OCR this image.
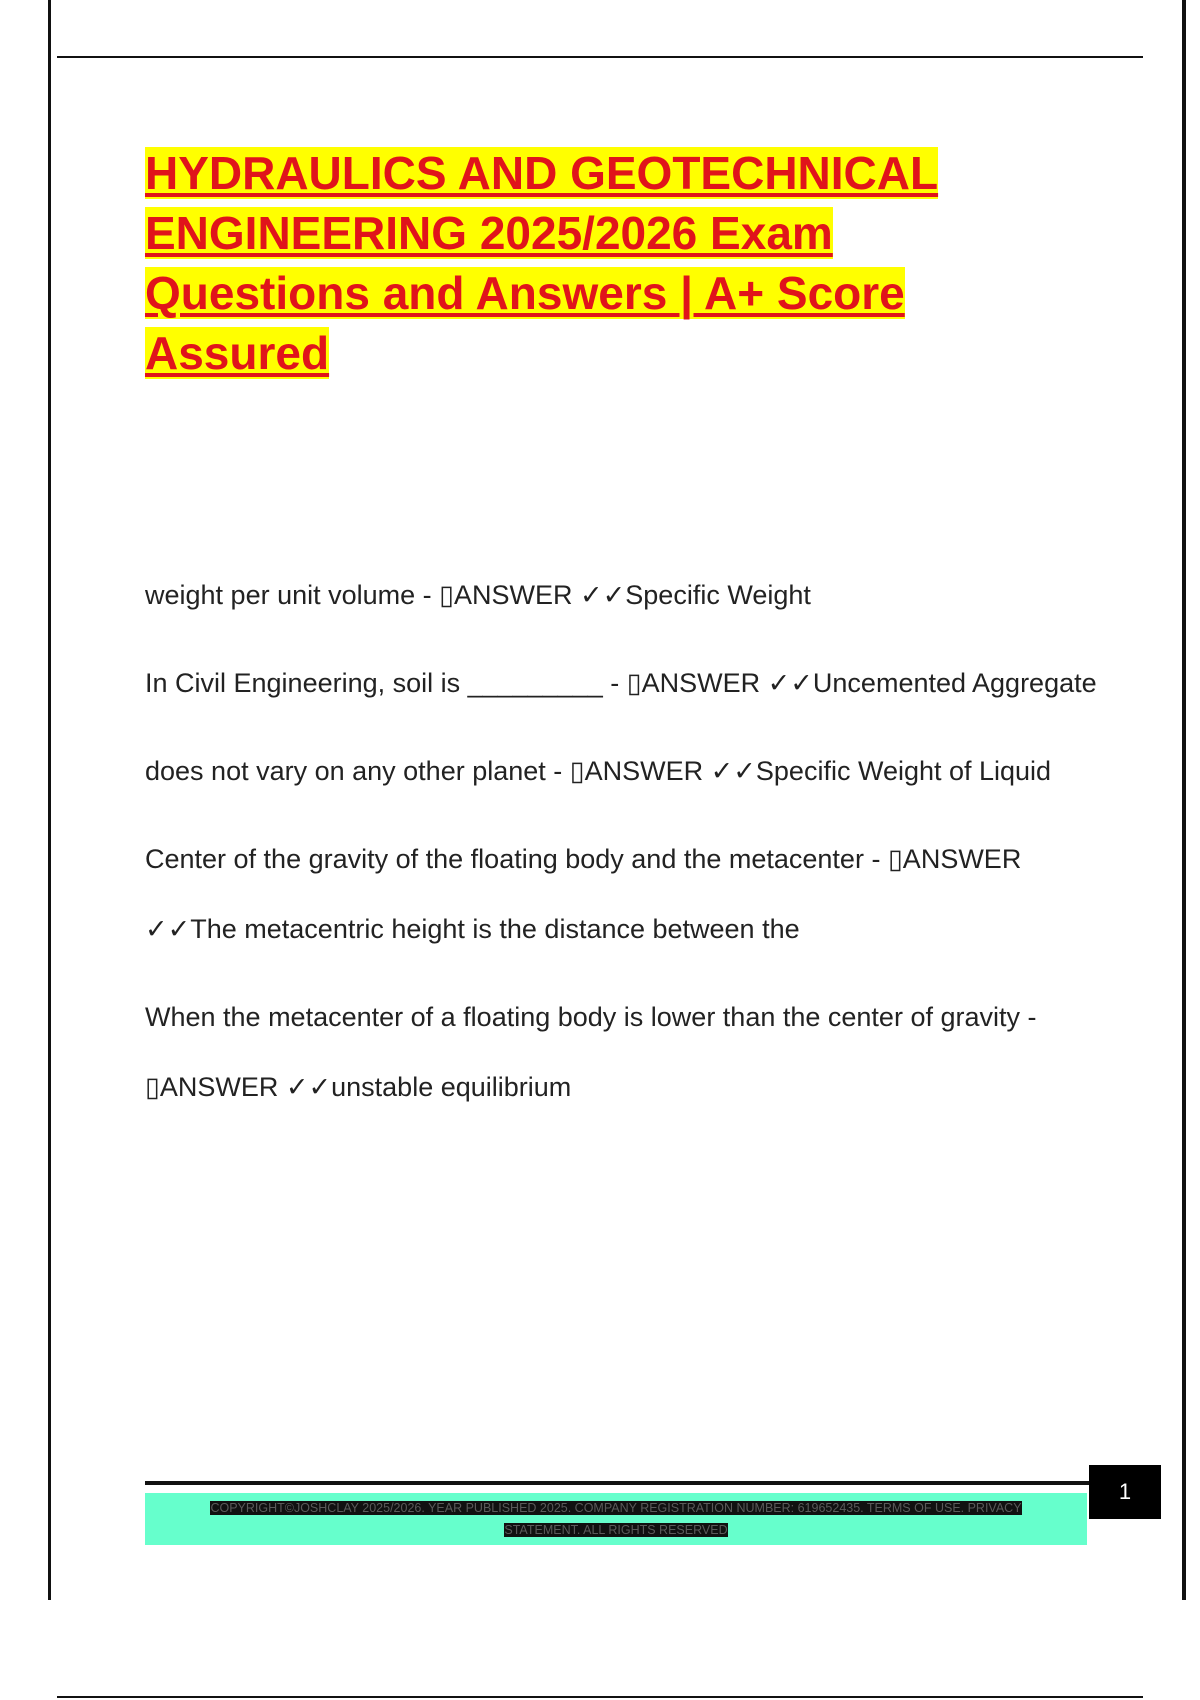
HYDRAULICS AND GEOTECHNICAL ENGINEERING 2025/2026 Exam Questions and Answers | A+ Score Assured

weight per unit volume - ▯ANSWER ✓✓Specific Weight

In Civil Engineering, soil is _________ - ▯ANSWER ✓✓Uncemented Aggregate

does not vary on any other planet - ▯ANSWER ✓✓Specific Weight of Liquid

Center of the gravity of the floating body and the metacenter - ▯ANSWER ✓✓The metacentric height is the distance between the

When the metacenter of a floating body is lower than the center of gravity - ▯ANSWER ✓✓unstable equilibrium

1

COPYRIGHT©JOSHCLAY 2025/2026. YEAR PUBLISHED 2025. COMPANY REGISTRATION NUMBER: 619652435. TERMS OF USE. PRIVACY STATEMENT. ALL RIGHTS RESERVED
